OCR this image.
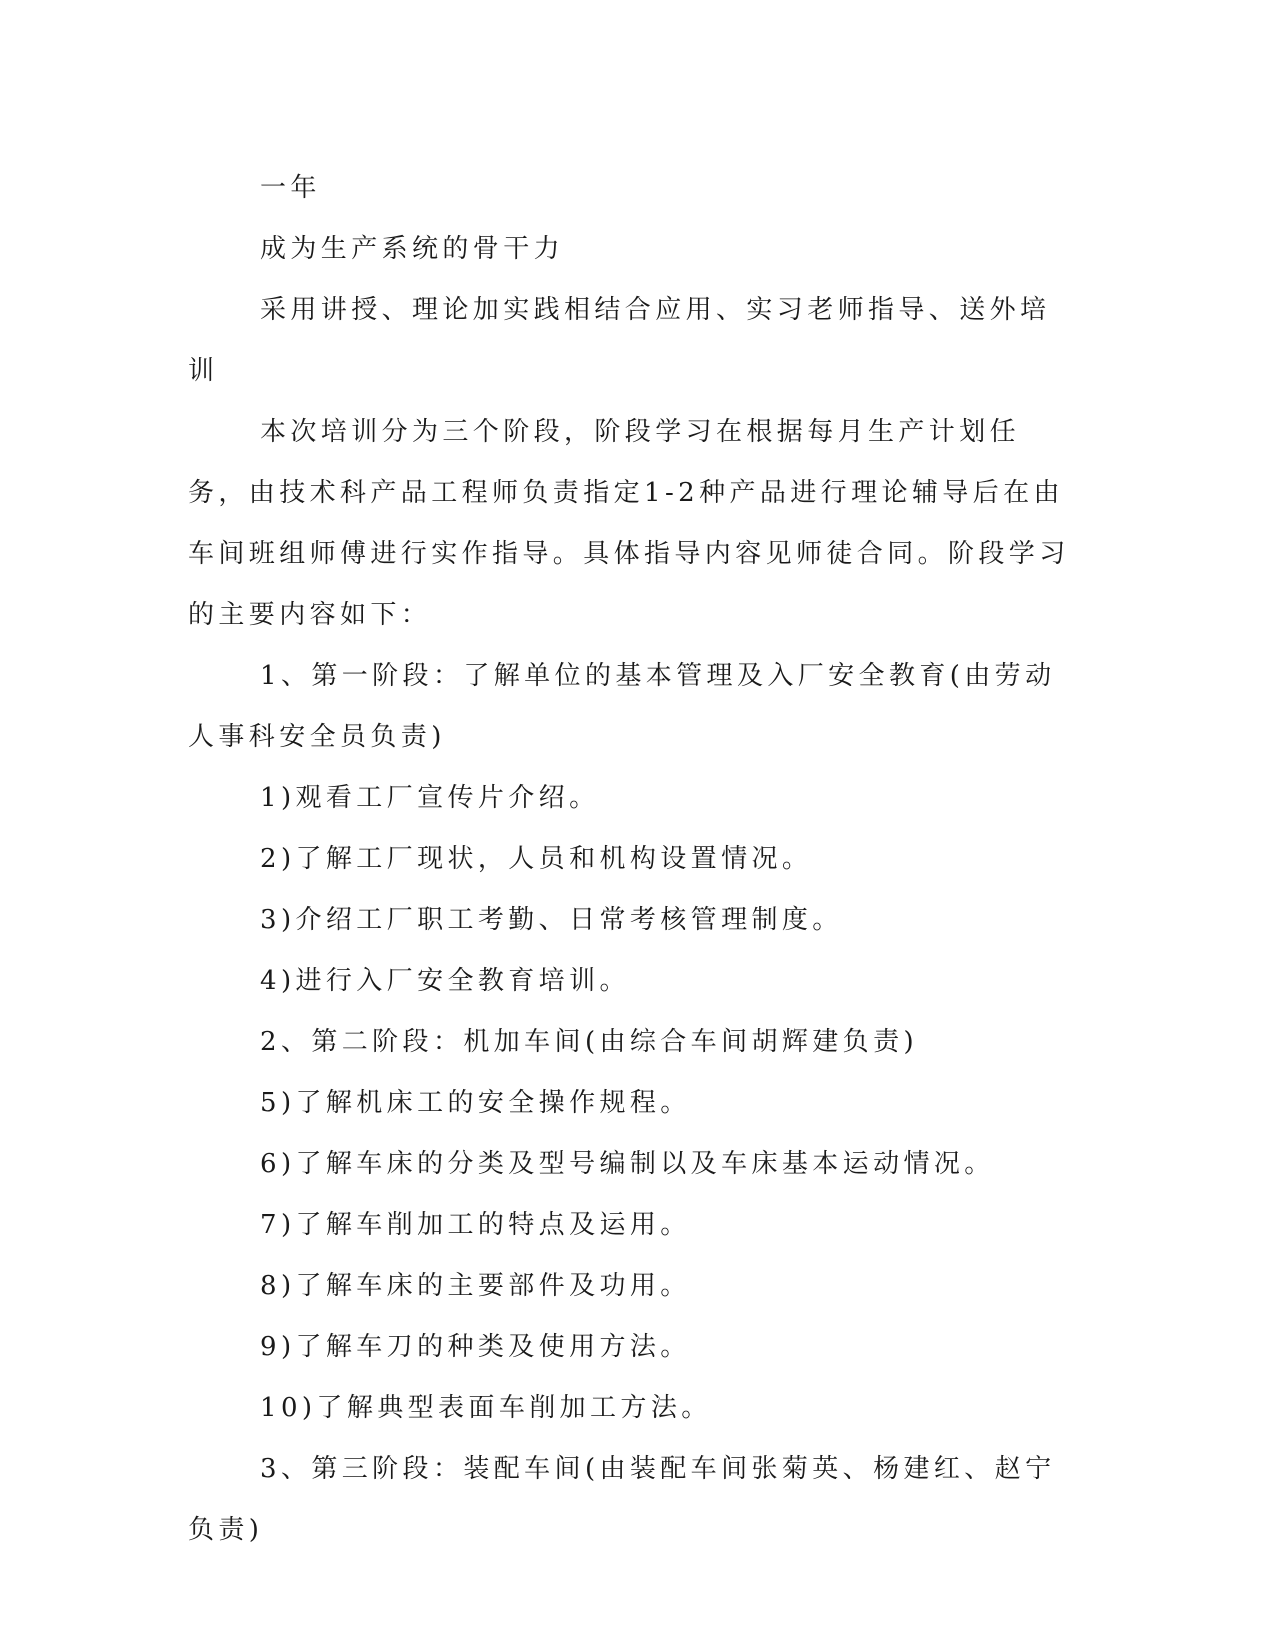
一年

成为生产系统的骨干力

采用讲授、理论加实践相结合应用、实习老师指导、送外培训

本次培训分为三个阶段，阶段学习在根据每月生产计划任务，由技术科产品工程师负责指定1-2种产品进行理论辅导后在由车间班组师傅进行实作指导。具体指导内容见师徒合同。阶段学习的主要内容如下：

1、第一阶段：了解单位的基本管理及入厂安全教育(由劳动人事科安全员负责)

1)观看工厂宣传片介绍。

2)了解工厂现状，人员和机构设置情况。

3)介绍工厂职工考勤、日常考核管理制度。

4)进行入厂安全教育培训。

2、第二阶段：机加车间(由综合车间胡辉建负责)

5)了解机床工的安全操作规程。

6)了解车床的分类及型号编制以及车床基本运动情况。

7)了解车削加工的特点及运用。

8)了解车床的主要部件及功用。

9)了解车刀的种类及使用方法。

10)了解典型表面车削加工方法。

3、第三阶段：装配车间(由装配车间张菊英、杨建红、赵宁负责)
